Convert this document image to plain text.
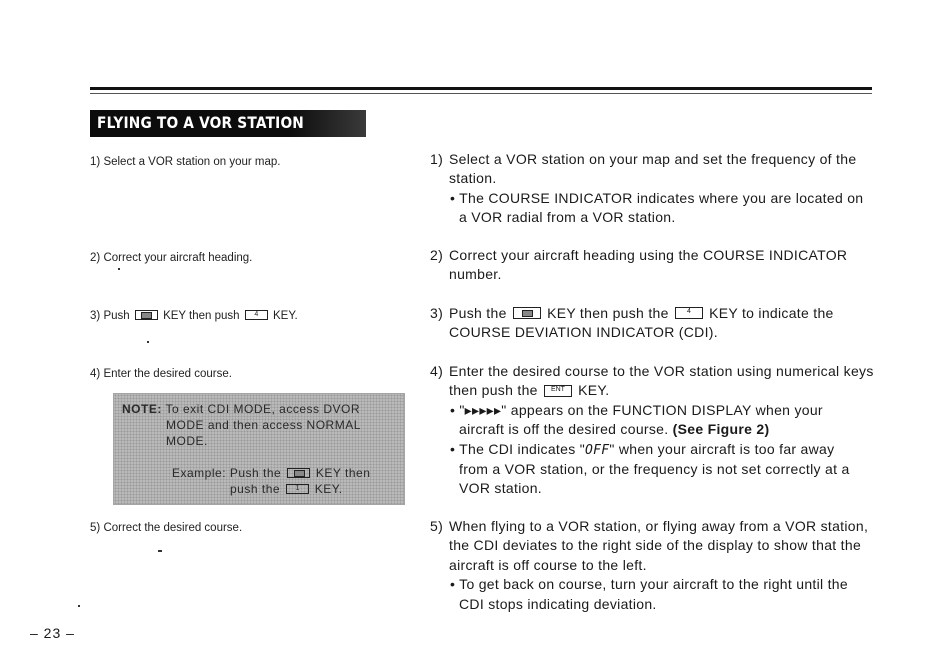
FLYING TO A VOR STATION
1) Select a VOR station on your map.
2) Correct your aircraft heading.
3) Push	KEY then push	4	KEY.
4) Enter the desired course.
NOTE: To exit CDI MODE, access DVOR
MODE and then access NORMAL
MODE.
Example: Push the	KEY then
push the	1	KEY.
5) Correct the desired course.
1) Select a VOR station on your map and set the frequency of the
station.
• The COURSE INDICATOR indicates where you are located on
a VOR radial from a VOR station.
2) Correct your aircraft heading using the COURSE INDICATOR
number.
3) Push the	KEY then push the	4	KEY to indicate the
COURSE DEVIATION INDICATOR (CDI).
4) Enter the desired course to the VOR station using numerical keys
then push the	ENT KEY.
• "▸▸▸▸▸" appears on the FUNCTION DISPLAY when your
aircraft is off the desired course. (See Figure 2)
• The CDI indicates "OFF" when your aircraft is too far away
from a VOR station, or the frequency is not set correctly at a
VOR station.
5) When flying to a VOR station, or flying away from a VOR station,
the CDI deviates to the right side of the display to show that the
aircraft is off course to the left.
• To get back on course, turn your aircraft to the right until the
CDI stops indicating deviation.
– 23 –
